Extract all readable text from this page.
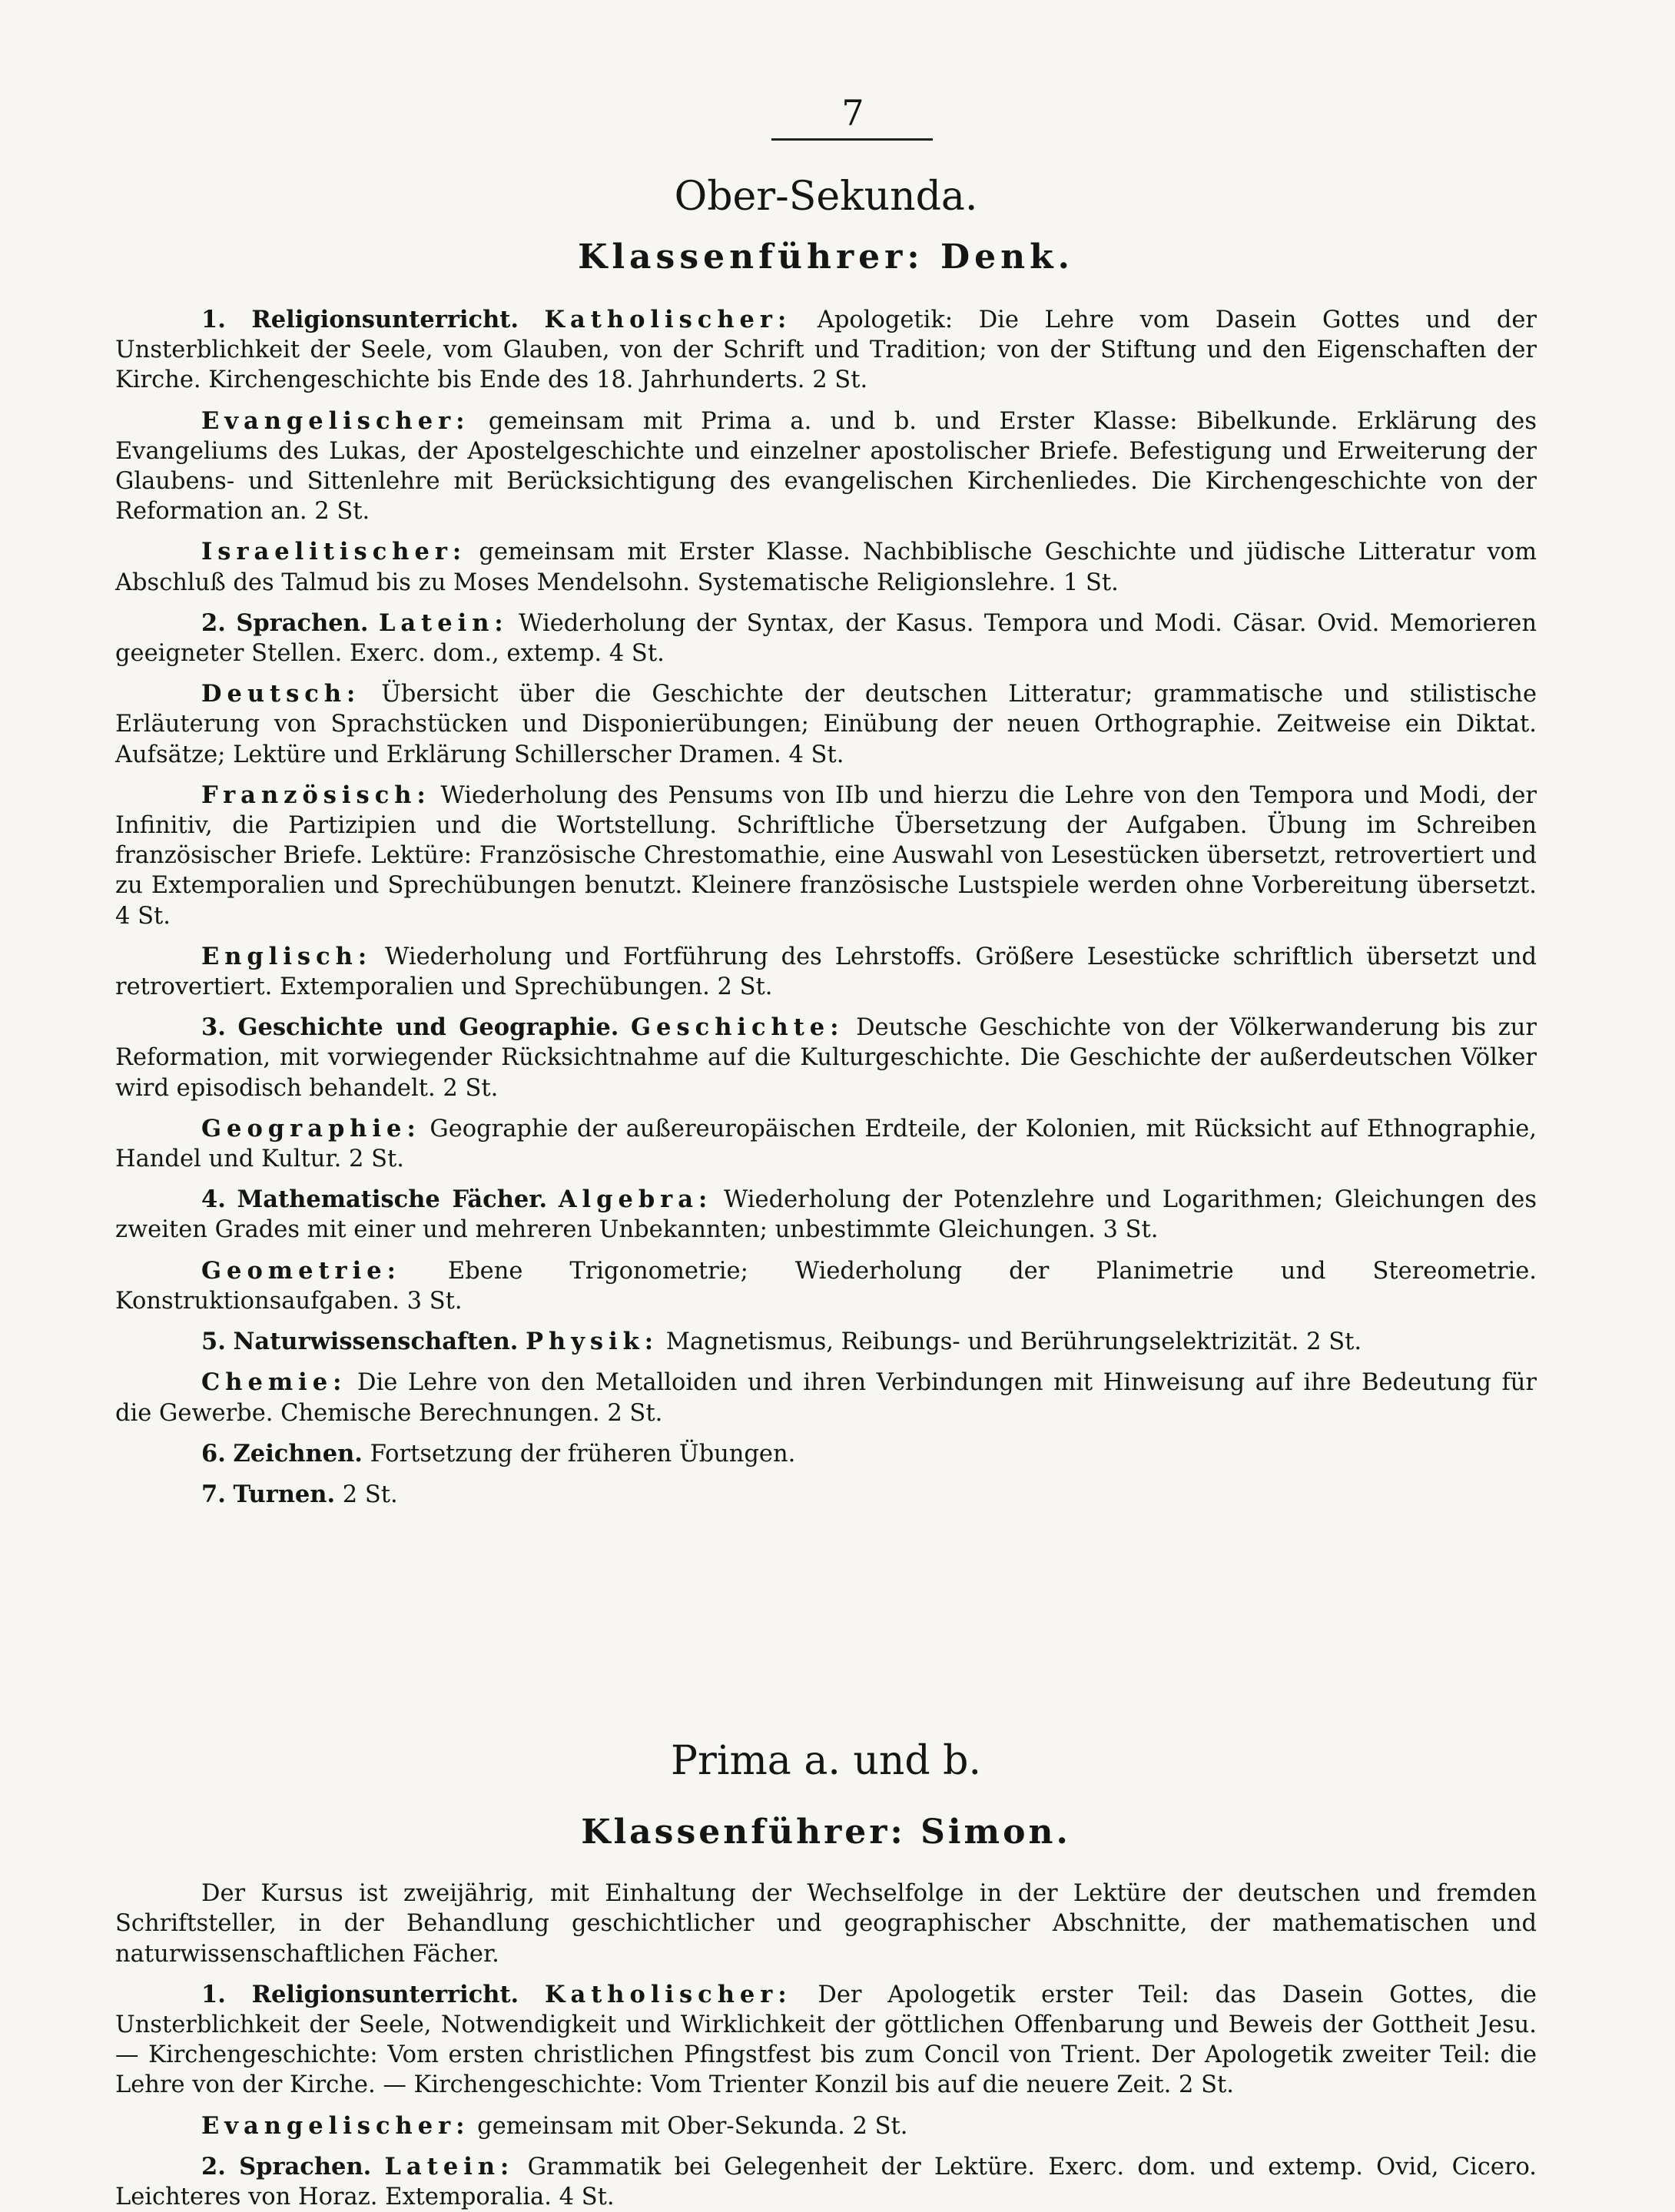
7
Ober-Sekunda.
Klassenführer: Denk.

1. Religionsunterricht. Katholischer: Apologetik: Die Lehre vom Dasein Gottes und der Unsterblichkeit der Seele, vom Glauben, von der Schrift und Tradition; von der Stiftung und den Eigenschaften der Kirche. Kirchengeschichte bis Ende des 18. Jahrhunderts. 2 St.

Evangelischer: gemeinsam mit Prima a. und b. und Erster Klasse: Bibelkunde. Erklärung des Evangeliums des Lukas, der Apostelgeschichte und einzelner apostolischer Briefe. Befestigung und Erweiterung der Glaubens- und Sittenlehre mit Berücksichtigung des evangelischen Kirchenliedes. Die Kirchengeschichte von der Reformation an. 2 St.

Israelitischer: gemeinsam mit Erster Klasse. Nachbiblische Geschichte und jüdische Litteratur vom Abschluß des Talmud bis zu Moses Mendelsohn. Systematische Religionslehre. 1 St.

2. Sprachen. Latein: Wiederholung der Syntax, der Kasus. Tempora und Modi. Cäsar. Ovid. Memorieren geeigneter Stellen. Exerc. dom., extemp. 4 St.

Deutsch: Übersicht über die Geschichte der deutschen Litteratur; grammatische und stilistische Erläuterung von Sprachstücken und Disponierübungen; Einübung der neuen Orthographie. Zeitweise ein Diktat. Aufsätze; Lektüre und Erklärung Schillerscher Dramen. 4 St.

Französisch: Wiederholung des Pensums von IIb und hierzu die Lehre von den Tempora und Modi, der Infinitiv, die Partizipien und die Wortstellung. Schriftliche Übersetzung der Aufgaben. Übung im Schreiben französischer Briefe. Lektüre: Französische Chrestomathie, eine Auswahl von Lesestücken übersetzt, retrovertiert und zu Extemporalien und Sprechübungen benutzt. Kleinere französische Lustspiele werden ohne Vorbereitung übersetzt. 4 St.

Englisch: Wiederholung und Fortführung des Lehrstoffs. Größere Lesestücke schriftlich übersetzt und retrovertiert. Extemporalien und Sprechübungen. 2 St.

3. Geschichte und Geographie. Geschichte: Deutsche Geschichte von der Völkerwanderung bis zur Reformation, mit vorwiegender Rücksichtnahme auf die Kulturgeschichte. Die Geschichte der außerdeutschen Völker wird episodisch behandelt. 2 St.

Geographie: Geographie der außereuropäischen Erdteile, der Kolonien, mit Rücksicht auf Ethnographie, Handel und Kultur. 2 St.

4. Mathematische Fächer. Algebra: Wiederholung der Potenzlehre und Logarithmen; Gleichungen des zweiten Grades mit einer und mehreren Unbekannten; unbestimmte Gleichungen. 3 St.

Geometrie: Ebene Trigonometrie; Wiederholung der Planimetrie und Stereometrie. Konstruktionsaufgaben. 3 St.

5. Naturwissenschaften. Physik: Magnetismus, Reibungs- und Berührungselektrizität. 2 St.

Chemie: Die Lehre von den Metalloiden und ihren Verbindungen mit Hinweisung auf ihre Bedeutung für die Gewerbe. Chemische Berechnungen. 2 St.

6. Zeichnen. Fortsetzung der früheren Übungen.

7. Turnen. 2 St.

Prima a. und b.
Klassenführer: Simon.

Der Kursus ist zweijährig, mit Einhaltung der Wechselfolge in der Lektüre der deutschen und fremden Schriftsteller, in der Behandlung geschichtlicher und geographischer Abschnitte, der mathematischen und naturwissenschaftlichen Fächer.

1. Religionsunterricht. Katholischer: Der Apologetik erster Teil: das Dasein Gottes, die Unsterblichkeit der Seele, Notwendigkeit und Wirklichkeit der göttlichen Offenbarung und Beweis der Gottheit Jesu. — Kirchengeschichte: Vom ersten christlichen Pfingstfest bis zum Concil von Trient. Der Apologetik zweiter Teil: die Lehre von der Kirche. — Kirchengeschichte: Vom Trienter Konzil bis auf die neuere Zeit. 2 St.

Evangelischer: gemeinsam mit Ober-Sekunda. 2 St.

2. Sprachen. Latein: Grammatik bei Gelegenheit der Lektüre. Exerc. dom. und extemp. Ovid, Cicero. Leichteres von Horaz. Extemporalia. 4 St.
